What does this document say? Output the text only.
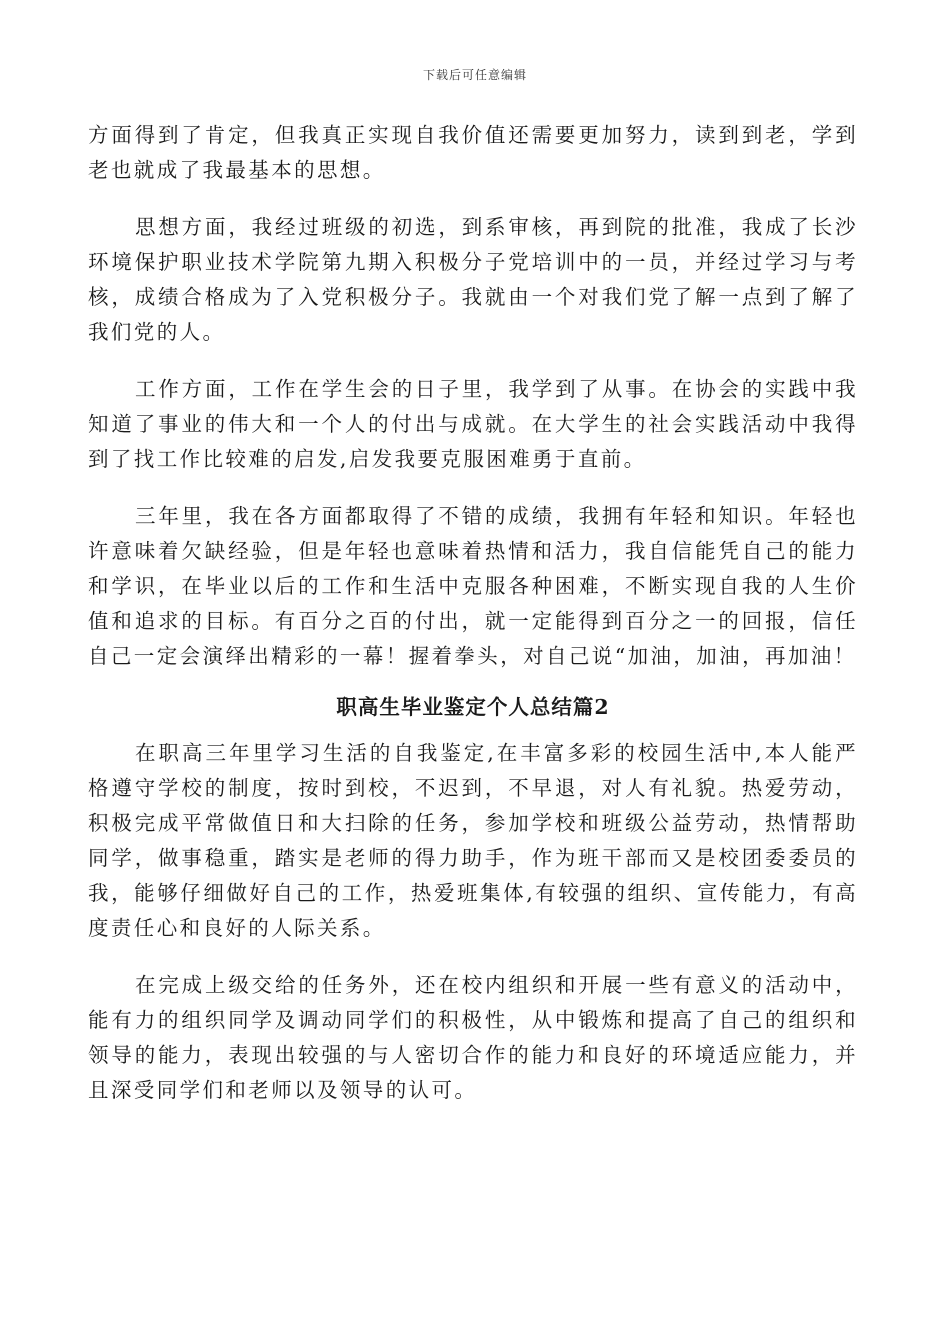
下载后可任意编辑

方面得到了肯定，但我真正实现自我价值还需要更加努力，读到到老，学到老也就成了我最基本的思想。

思想方面，我经过班级的初选，到系审核，再到院的批准，我成了长沙环境保护职业技术学院第九期入积极分子党培训中的一员，并经过学习与考核，成绩合格成为了入党积极分子。我就由一个对我们党了解一点到了解了我们党的人。

工作方面，工作在学生会的日子里，我学到了从事。在协会的实践中我知道了事业的伟大和一个人的付出与成就。在大学生的社会实践活动中我得到了找工作比较难的启发,启发我要克服困难勇于直前。

三年里，我在各方面都取得了不错的成绩，我拥有年轻和知识。年轻也许意味着欠缺经验，但是年轻也意味着热情和活力，我自信能凭自己的能力和学识，在毕业以后的工作和生活中克服各种困难，不断实现自我的人生价值和追求的目标。有百分之百的付出，就一定能得到百分之一的回报，信任自己一定会演绎出精彩的一幕！握着拳头，对自己说“加油，加油，再加油！

职高生毕业鉴定个人总结篇2

在职高三年里学习生活的自我鉴定,在丰富多彩的校园生活中,本人能严格遵守学校的制度，按时到校，不迟到，不早退，对人有礼貌。热爱劳动，积极完成平常做值日和大扫除的任务，参加学校和班级公益劳动，热情帮助同学，做事稳重，踏实是老师的得力助手，作为班干部而又是校团委委员的我，能够仔细做好自己的工作，热爱班集体,有较强的组织、宣传能力，有高度责任心和良好的人际关系。

在完成上级交给的任务外，还在校内组织和开展一些有意义的活动中，能有力的组织同学及调动同学们的积极性，从中锻炼和提高了自己的组织和领导的能力，表现出较强的与人密切合作的能力和良好的环境适应能力，并且深受同学们和老师以及领导的认可。
